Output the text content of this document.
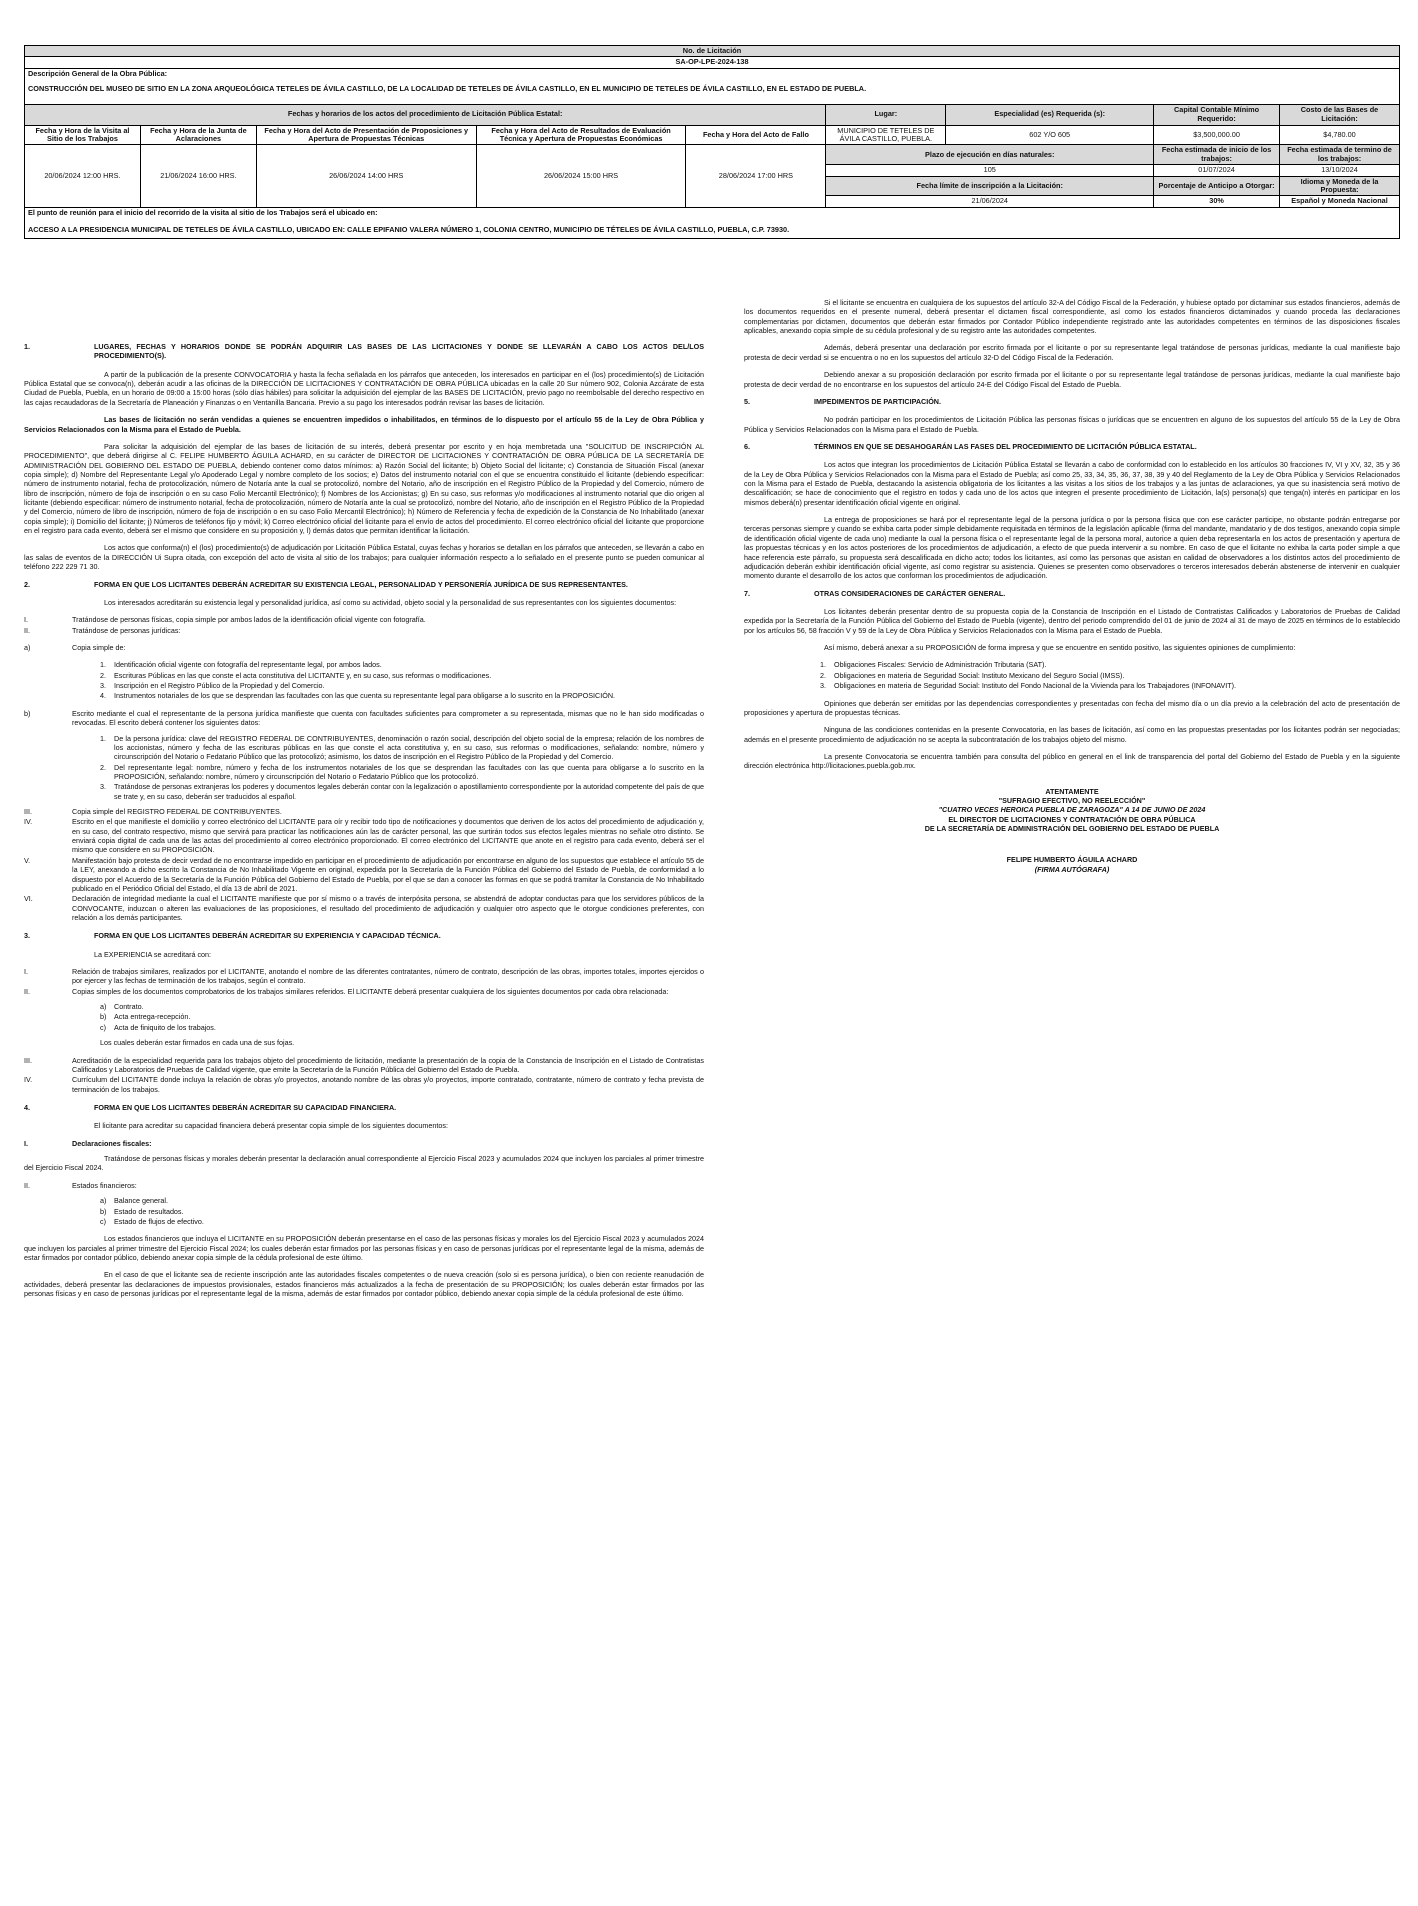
No. de Licitación								
SA-OP-LPE-2024-138								
Descripción General de la Obra Pública:								
CONSTRUCCIÓN DEL MUSEO DE SITIO EN LA ZONA ARQUEOLÓGICA TETELES DE ÁVILA CASTILLO, DE LA LOCALIDAD DE TETELES DE ÁVILA CASTILLO, EN EL MUNICIPIO DE TETELES DE ÁVILA CASTILLO, EN EL ESTADO DE PUEBLA.								
Fechas y horarios de los actos del procedimiento de Licitación Pública Estatal:					Lugar:	Especialidad (es) Requerida (s):	Capital Contable Mínimo Requerido:	Costo de las Bases de Licitación:
Fecha y Hora de la Visita al Sitio de los Trabajos	Fecha y Hora de la Junta de Aclaraciones	Fecha y Hora del Acto de Presentación de Proposiciones y Apertura de Propuestas Técnicas	Fecha y Hora del Acto de Resultados de Evaluación Técnica y Apertura de Propuestas Económicas	Fecha y Hora del Acto de Fallo	MUNICIPIO DE TETELES DE ÁVILA CASTILLO, PUEBLA.	602 Y/O 605	$3,500,000.00	$4,780.00
20/06/2024 12:00 HRS.	21/06/2024 16:00 HRS.	26/06/2024 14:00 HRS	26/06/2024 15:00 HRS	28/06/2024 17:00 HRS	Plazo de ejecución en días naturales:		Fecha estimada de inicio de los trabajos:	Fecha estimada de termino de los trabajos:
					105		01/07/2024	13/10/2024
					Fecha límite de inscripción a la Licitación:		Porcentaje de Anticipo a Otorgar:	Idioma y Moneda de la Propuesta:
					21/06/2024		30%	Español y Moneda Nacional
El punto de reunión para el inicio del recorrido de la visita al sitio de los Trabajos será el ubicado en:								
ACCESO A LA PRESIDENCIA MUNICIPAL DE TETELES DE ÁVILA CASTILLO, UBICADO EN: CALLE EPIFANIO VALERA NÚMERO 1, COLONIA CENTRO, MUNICIPIO DE TÉTELES DE ÁVILA CASTILLO, PUEBLA, C.P. 73930.								
1.	LUGARES, FECHAS Y HORARIOS DONDE SE PODRÁN ADQUIRIR LAS BASES DE LAS LICITACIONES Y DONDE SE LLEVARÁN A CABO LOS ACTOS DEL/LOS PROCEDIMIENTO(S).

A partir de la publicación de la presente CONVOCATORIA y hasta la fecha señalada en los párrafos que anteceden, los interesados en participar en el (los) procedimiento(s) de Licitación Pública Estatal que se convoca(n), deberán acudir a las oficinas de la DIRECCIÓN DE LICITACIONES Y CONTRATACIÓN DE OBRA PÚBLICA ubicadas en la calle 20 Sur número 902, Colonia Azcárate de esta Ciudad de Puebla, Puebla, en un horario de 09:00 a 15:00 horas (sólo días hábiles) para solicitar la adquisición del ejemplar de las BASES DE LICITACIÓN, previo pago no reembolsable del derecho respectivo en las cajas recaudadoras de la Secretaría de Planeación y Finanzas o en Ventanilla Bancaria. Previo a su pago los interesados podrán revisar las bases de licitación.

Las bases de licitación no serán vendidas a quienes se encuentren impedidos o inhabilitados, en términos de lo dispuesto por el artículo 55 de la Ley de Obra Pública y Servicios Relacionados con la Misma para el Estado de Puebla.

Para solicitar la adquisición del ejemplar de las bases de licitación de su interés, deberá presentar por escrito y en hoja membretada una "SOLICITUD DE INSCRIPCIÓN AL PROCEDIMIENTO", que deberá dirigirse al C. FELIPE HUMBERTO ÁGUILA ACHARD, en su carácter de DIRECTOR DE LICITACIONES Y CONTRATACIÓN DE OBRA PÚBLICA DE LA SECRETARÍA DE ADMINISTRACIÓN DEL GOBIERNO DEL ESTADO DE PUEBLA, debiendo contener como datos mínimos: a) Razón Social del licitante; b) Objeto Social del licitante; c) Constancia de Situación Fiscal (anexar copia simple); d) Nombre del Representante Legal y/o Apoderado Legal y nombre completo de los socios; e) Datos del instrumento notarial con el que se encuentra constituido el licitante (debiendo especificar: número de instrumento notarial, fecha de protocolización, número de Notaría ante la cual se protocolizó, nombre del Notario, año de inscripción en el Registro Público de la Propiedad y del Comercio, número de libro de inscripción, número de foja de inscripción o en su caso Folio Mercantil Electrónico); f) Nombres de los Accionistas; g) En su caso, sus reformas y/o modificaciones al instrumento notarial que dio origen al licitante (debiendo especificar: número de instrumento notarial, fecha de protocolización, número de Notaría ante la cual se protocolizó, nombre del Notario, año de inscripción en el Registro Público de la Propiedad y del Comercio, número de libro de inscripción, número de foja de inscripción o en su caso Folio Mercantil Electrónico); h) Número de Referencia y fecha de expedición de la Constancia de No Inhabilitado (anexar copia simple); i) Domicilio del licitante; j) Números de teléfonos fijo y móvil; k) Correo electrónico oficial del licitante para el envío de actos del procedimiento. El correo electrónico oficial del licitante que proporcione en el registro para cada evento, deberá ser el mismo que considere en su proposición y, l) demás datos que permitan identificar la licitación.

Los actos que conforma(n) el (los) procedimiento(s) de adjudicación por Licitación Pública Estatal, cuyas fechas y horarios se detallan en los párrafos que anteceden, se llevarán a cabo en las salas de eventos de la DIRECCIÓN Ui Supra citada, con excepción del acto de visita al sitio de los trabajos; para cualquier información respecto a lo señalado en el presente punto se pueden comunicar al teléfono 222 229 71 30.

2.	FORMA EN QUE LOS LICITANTES DEBERÁN ACREDITAR SU EXISTENCIA LEGAL, PERSONALIDAD Y PERSONERÍA JURÍDICA DE SUS REPRESENTANTES.

Los interesados acreditarán su existencia legal y personalidad jurídica, así como su actividad, objeto social y la personalidad de sus representantes con los siguientes documentos:

I.	Tratándose de personas físicas, copia simple por ambos lados de la identificación oficial vigente con fotografía.
II.	Tratándose de personas jurídicas:
a)	Copia simple de:
1.	Identificación oficial vigente con fotografía del representante legal, por ambos lados.
2.	Escrituras Públicas en las que conste el acta constitutiva del LICITANTE y, en su caso, sus reformas o modificaciones.
3.	Inscripción en el Registro Público de la Propiedad y del Comercio.
4.	Instrumentos notariales de los que se desprendan las facultades con las que cuenta su representante legal para obligarse a lo suscrito en la PROPOSICIÓN.
b)	Escrito mediante el cual el representante de la persona jurídica manifieste que cuenta con facultades suficientes para comprometer a su representada, mismas que no le han sido modificadas o revocadas. El escrito deberá contener los siguientes datos:
1.	De la persona jurídica: clave del REGISTRO FEDERAL DE CONTRIBUYENTES, denominación o razón social, descripción del objeto social de la empresa; relación de los nombres de los accionistas, número y fecha de las escrituras públicas en las que conste el acta constitutiva y, en su caso, sus reformas o modificaciones, señalando: nombre, número y circunscripción del Notario o Fedatario Público que las protocolizó; asimismo, los datos de inscripción en el Registro Público de la Propiedad y del Comercio.
2.	Del representante legal: nombre, número y fecha de los instrumentos notariales de los que se desprendan las facultades con las que cuenta para obligarse a lo suscrito en la PROPOSICIÓN, señalando: nombre, número y circunscripción del Notario o Fedatario Público que los protocolizó.
3.	Tratándose de personas extranjeras los poderes y documentos legales deberán contar con la legalización o apostillamiento correspondiente por la autoridad competente del país de que se trate y, en su caso, deberán ser traducidos al español.
III.	Copia simple del REGISTRO FEDERAL DE CONTRIBUYENTES.
IV.	Escrito en el que manifieste el domicilio y correo electrónico del LICITANTE para oír y recibir todo tipo de notificaciones y documentos que deriven de los actos del procedimiento de adjudicación y, en su caso, del contrato respectivo, mismo que servirá para practicar las notificaciones aún las de carácter personal, las que surtirán todos sus efectos legales mientras no señale otro distinto. Se enviará copia digital de cada una de las actas del procedimiento al correo electrónico proporcionado. El correo electrónico del LICITANTE que anote en el registro para cada evento, deberá ser el mismo que considere en su PROPOSICIÓN.
V.	Manifestación bajo protesta de decir verdad de no encontrarse impedido en participar en el procedimiento de adjudicación por encontrarse en alguno de los supuestos que establece el artículo 55 de la LEY, anexando a dicho escrito la Constancia de No Inhabilitado Vigente en original, expedida por la Secretaría de la Función Pública del Gobierno del Estado de Puebla, de conformidad a lo dispuesto por el Acuerdo de la Secretaría de la Función Pública del Gobierno del Estado de Puebla, por el que se dan a conocer las formas en que se podrá tramitar la Constancia de No Inhabilitado publicado en el Periódico Oficial del Estado, el día 13 de abril de 2021.
VI.	Declaración de integridad mediante la cual el LICITANTE manifieste que por sí mismo o a través de interpósita persona, se abstendrá de adoptar conductas para que los servidores públicos de la CONVOCANTE, induzcan o alteren las evaluaciones de las proposiciones, el resultado del procedimiento de adjudicación y cualquier otro aspecto que le otorgue condiciones preferentes, con relación a los demás participantes.
3.	FORMA EN QUE LOS LICITANTES DEBERÁN ACREDITAR SU EXPERIENCIA Y CAPACIDAD TÉCNICA.

La EXPERIENCIA se acreditará con:

I.	Relación de trabajos similares, realizados por el LICITANTE, anotando el nombre de las diferentes contratantes, número de contrato, descripción de las obras, importes totales, importes ejercidos o por ejercer y las fechas de terminación de los trabajos, según el contrato.
II.	Copias simples de los documentos comprobatorios de los trabajos similares referidos. El LICITANTE deberá presentar cualquiera de los siguientes documentos por cada obra relacionada:
a)	Contrato.
b)	Acta entrega-recepción.
c)	Acta de finiquito de los trabajos.

Los cuales deberán estar firmados en cada una de sus fojas.

III.	Acreditación de la especialidad requerida para los trabajos objeto del procedimiento de licitación, mediante la presentación de la copia de la Constancia de Inscripción en el Listado de Contratistas Calificados y Laboratorios de Pruebas de Calidad vigente, que emite la Secretaría de la Función Pública del Gobierno del Estado de Puebla.
IV.	Currículum del LICITANTE donde incluya la relación de obras y/o proyectos, anotando nombre de las obras y/o proyectos, importe contratado, contratante, número de contrato y fecha prevista de terminación de los trabajos.
4.	FORMA EN QUE LOS LICITANTES DEBERÁN ACREDITAR SU CAPACIDAD FINANCIERA.

El licitante para acreditar su capacidad financiera deberá presentar copia simple de los siguientes documentos:

I.	Declaraciones fiscales:

Tratándose de personas físicas y morales deberán presentar la declaración anual correspondiente al Ejercicio Fiscal 2023 y acumulados 2024 que incluyen los parciales al primer trimestre del Ejercicio Fiscal 2024.

II.	Estados financieros:
a)	Balance general.
b)	Estado de resultados.
c)	Estado de flujos de efectivo.

Los estados financieros que incluya el LICITANTE en su PROPOSICIÓN deberán presentarse en el caso de las personas físicas y morales los del Ejercicio Fiscal 2023 y acumulados 2024 que incluyen los parciales al primer trimestre del Ejercicio Fiscal 2024; los cuales deberán estar firmados por las personas físicas y en caso de personas jurídicas por el representante legal de la misma, además de estar firmados por contador público, debiendo anexar copia simple de la cédula profesional de este último.

En el caso de que el licitante sea de reciente inscripción ante las autoridades fiscales competentes o de nueva creación (solo si es persona jurídica), o bien con reciente reanudación de actividades, deberá presentar las declaraciones de impuestos provisionales, estados financieros más actualizados a la fecha de presentación de su PROPOSICIÓN; los cuales deberán estar firmados por las personas físicas y en caso de personas jurídicas por el representante legal de la misma, además de estar firmados por contador público, debiendo anexar copia simple de la cédula profesional de este último.

Si el licitante se encuentra en cualquiera de los supuestos del artículo 32-A del Código Fiscal de la Federación, y hubiese optado por dictaminar sus estados financieros, además de los documentos requeridos en el presente numeral, deberá presentar el dictamen fiscal correspondiente, así como los estados financieros dictaminados y cuando proceda las declaraciones complementarias por dictamen, documentos que deberán estar firmados por Contador Público independiente registrado ante las autoridades competentes en términos de las disposiciones fiscales aplicables, anexando copia simple de su cédula profesional y de su registro ante las autoridades competentes.

Además, deberá presentar una declaración por escrito firmada por el licitante o por su representante legal tratándose de personas jurídicas, mediante la cual manifieste bajo protesta de decir verdad si se encuentra o no en los supuestos del artículo 32-D del Código Fiscal de la Federación.

Debiendo anexar a su proposición declaración por escrito firmada por el licitante o por su representante legal tratándose de personas jurídicas, mediante la cual manifieste bajo protesta de decir verdad de no encontrarse en los supuestos del artículo 24-E del Código Fiscal del Estado de Puebla.

5.	IMPEDIMENTOS DE PARTICIPACIÓN.

No podrán participar en los procedimientos de Licitación Pública las personas físicas o jurídicas que se encuentren en alguno de los supuestos del artículo 55 de la Ley de Obra Pública y Servicios Relacionados con la Misma para el Estado de Puebla.

6.	TÉRMINOS EN QUE SE DESAHOGARÁN LAS FASES DEL PROCEDIMIENTO DE LICITACIÓN PÚBLICA ESTATAL.

Los actos que integran los procedimientos de Licitación Pública Estatal se llevarán a cabo de conformidad con lo establecido en los artículos 30 fracciones IV, VI y XV, 32, 35 y 36 de la Ley de Obra Pública y Servicios Relacionados con la Misma para el Estado de Puebla; así como 25, 33, 34, 35, 36, 37, 38, 39 y 40 del Reglamento de la Ley de Obra Pública y Servicios Relacionados con la Misma para el Estado de Puebla, destacando la asistencia obligatoria de los licitantes a las visitas a los sitios de los trabajos y a las juntas de aclaraciones, ya que su inasistencia será motivo de descalificación; se hace de conocimiento que el registro en todos y cada uno de los actos que integren el presente procedimiento de Licitación, la(s) persona(s) que tenga(n) interés en participar en los mismos deberá(n) presentar identificación oficial vigente en original.

La entrega de proposiciones se hará por el representante legal de la persona jurídica o por la persona física que con ese carácter participe, no obstante podrán entregarse por terceras personas siempre y cuando se exhiba carta poder simple debidamente requisitada en términos de la legislación aplicable (firma del mandante, mandatario y de dos testigos, anexando copia simple de identificación oficial vigente de cada uno) mediante la cual la persona física o el representante legal de la persona moral, autorice a quien deba representarla en los actos de presentación y apertura de las propuestas técnicas y en los actos posteriores de los procedimientos de adjudicación, a efecto de que pueda intervenir a su nombre. En caso de que el licitante no exhiba la carta poder simple a que hace referencia este párrafo, su propuesta será descalificada en dicho acto; todos los licitantes, así como las personas que asistan en calidad de observadores a los distintos actos del procedimiento de adjudicación deberán exhibir identificación oficial vigente, así como registrar su asistencia. Quienes se presenten como observadores o terceros interesados deberán abstenerse de intervenir en cualquier momento durante el desarrollo de los actos que conforman los procedimientos de adjudicación.

7.	OTRAS CONSIDERACIONES DE CARÁCTER GENERAL.

Los licitantes deberán presentar dentro de su propuesta copia de la Constancia de Inscripción en el Listado de Contratistas Calificados y Laboratorios de Pruebas de Calidad expedida por la Secretaría de la Función Pública del Gobierno del Estado de Puebla (vigente), dentro del periodo comprendido del 01 de junio de 2024 al 31 de mayo de 2025 en términos de lo establecido por los artículos 56, 58 fracción V y 59 de la Ley de Obra Pública y Servicios Relacionados con la Misma para el Estado de Puebla.

Así mismo, deberá anexar a su PROPOSICIÓN de forma impresa y que se encuentre en sentido positivo, las siguientes opiniones de cumplimiento:

1.	Obligaciones Fiscales: Servicio de Administración Tributaria (SAT).
2.	Obligaciones en materia de Seguridad Social: Instituto Mexicano del Seguro Social (IMSS).
3.	Obligaciones en materia de Seguridad Social: Instituto del Fondo Nacional de la Vivienda para los Trabajadores (INFONAVIT).

Opiniones que deberán ser emitidas por las dependencias correspondientes y presentadas con fecha del mismo día o un día previo a la celebración del acto de presentación de proposiciones y apertura de propuestas técnicas.

Ninguna de las condiciones contenidas en la presente Convocatoria, en las bases de licitación, así como en las propuestas presentadas por los licitantes podrán ser negociadas; además en el presente procedimiento de adjudicación no se acepta la subcontratación de los trabajos objeto del mismo.

La presente Convocatoria se encuentra también para consulta del público en general en el link de transparencia del portal del Gobierno del Estado de Puebla y en la siguiente dirección electrónica http://licitaciones.puebla.gob.mx.

ATENTAMENTE
"SUFRAGIO EFECTIVO, NO REELECCIÓN"
"CUATRO VECES HEROICA PUEBLA DE ZARAGOZA" A 14 DE JUNIO DE 2024
EL DIRECTOR DE LICITACIONES Y CONTRATACIÓN DE OBRA PÚBLICA
DE LA SECRETARÍA DE ADMINISTRACIÓN DEL GOBIERNO DEL ESTADO DE PUEBLA
FELIPE HUMBERTO ÁGUILA ACHARD
(FIRMA AUTÓGRAFA)
